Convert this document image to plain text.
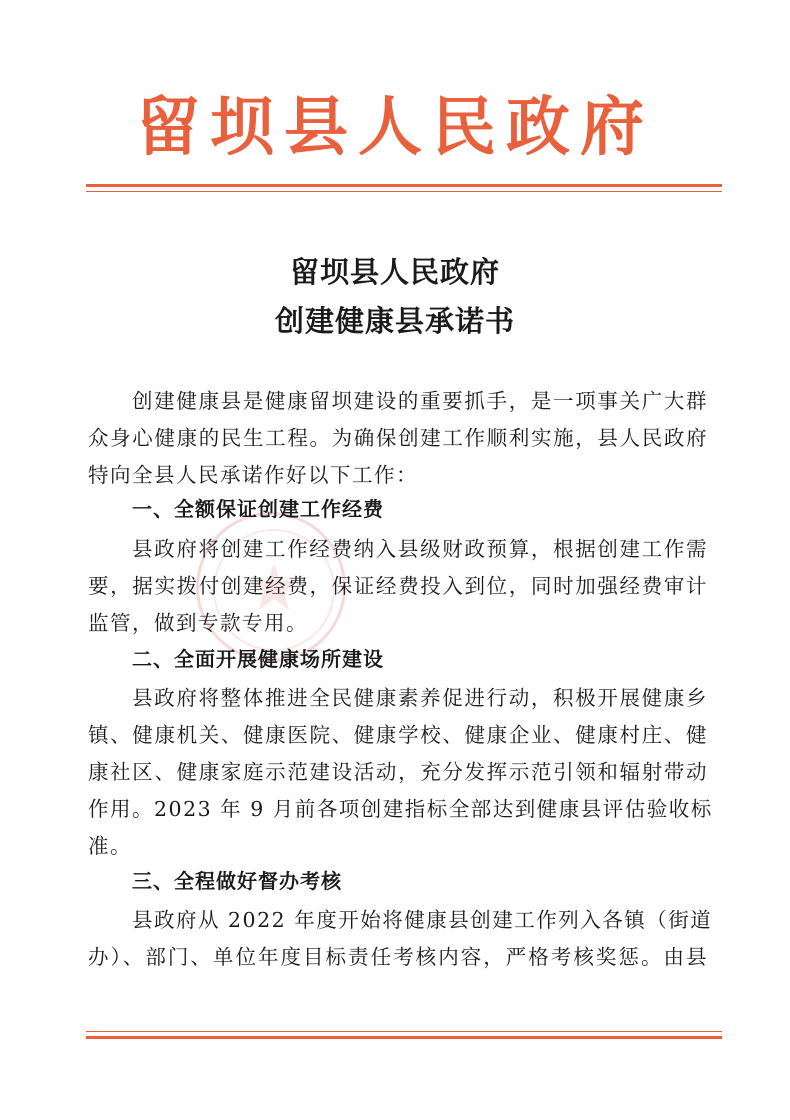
留坝县人民政府
留坝县人民政府
创建健康县承诺书
创建健康县是健康留坝建设的重要抓手，是一项事关广大群
众身心健康的民生工程。为确保创建工作顺利实施，县人民政府
特向全县人民承诺作好以下工作：
一、全额保证创建工作经费
县政府将创建工作经费纳入县级财政预算，根据创建工作需
要，据实拨付创建经费，保证经费投入到位，同时加强经费审计
监管，做到专款专用。
二、全面开展健康场所建设
县政府将整体推进全民健康素养促进行动，积极开展健康乡
镇、健康机关、健康医院、健康学校、健康企业、健康村庄、健
康社区、健康家庭示范建设活动，充分发挥示范引领和辐射带动
作用。2023 年 9 月前各项创建指标全部达到健康县评估验收标
准。
三、全程做好督办考核
县政府从 2022 年度开始将健康县创建工作列入各镇（街道
办）、部门、单位年度目标责任考核内容，严格考核奖惩。由县
